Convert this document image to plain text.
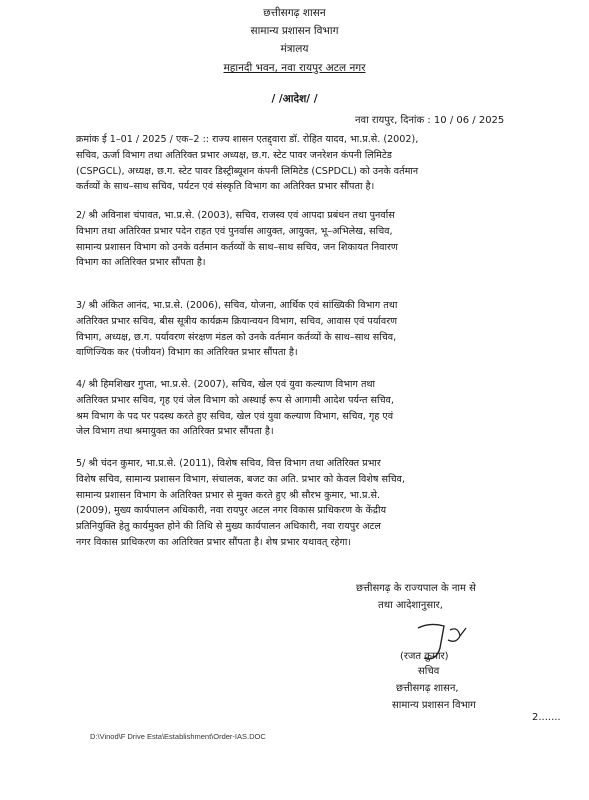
छत्तीसगढ़ शासन
सामान्य प्रशासन विभाग
मंत्रालय
महानदी भवन, नवा रायपुर अटल नगर
/ /आदेश/ /
नवा रायपुर, दिनांक : 10 / 06 / 2025
क्रमांक ई 1–01 / 2025 / एक–2 :: राज्य शासन एतद्द्वारा डॉ. रोहित यादव, भा.प्र.से. (2002),
सचिव, ऊर्जा विभाग तथा अतिरिक्त प्रभार अध्यक्ष, छ.ग. स्टेट पावर जनरेशन कंपनी लिमिटेड
(CSPGCL), अध्यक्ष, छ.ग. स्टेट पावर डिस्ट्रीब्यूशन कंपनी लिमिटेड (CSPDCL) को उनके वर्तमान
कर्तव्यों के साथ–साथ सचिव, पर्यटन एवं संस्कृति विभाग का अतिरिक्त प्रभार सौंपता है।
2/ श्री अविनाश चंपावत, भा.प्र.से. (2003), सचिव, राजस्व एवं आपदा प्रबंधन तथा पुनर्वास
विभाग तथा अतिरिक्त प्रभार पदेन राहत एवं पुनर्वास आयुक्त, आयुक्त, भू–अभिलेख, सचिव,
सामान्य प्रशासन विभाग को उनके वर्तमान कर्तव्यों के साथ–साथ सचिव, जन शिकायत निवारण
विभाग का अतिरिक्त प्रभार सौंपता है।
3/ श्री अंकित आनंद, भा.प्र.से. (2006), सचिव, योजना, आर्थिक एवं सांख्यिकी विभाग तथा
अतिरिक्त प्रभार सचिव, बीस सूत्रीय कार्यक्रम क्रियान्वयन विभाग, सचिव, आवास एवं पर्यावरण
विभाग, अध्यक्ष, छ.ग. पर्यावरण संरक्षण मंडल को उनके वर्तमान कर्तव्यों के साथ–साथ सचिव,
वाणिज्यिक कर (पंजीयन) विभाग का अतिरिक्त प्रभार सौंपता है।
4/ श्री हिमशिखर गुप्ता, भा.प्र.से. (2007), सचिव, खेल एवं युवा कल्याण विभाग तथा
अतिरिक्त प्रभार सचिव, गृह एवं जेल विभाग को अस्थाई रूप से आगामी आदेश पर्यन्त सचिव,
श्रम विभाग के पद पर पदस्थ करते हुए सचिव, खेल एवं युवा कल्याण विभाग, सचिव, गृह एवं
जेल विभाग तथा श्रमायुक्त का अतिरिक्त प्रभार सौंपता है।
5/ श्री चंदन कुमार, भा.प्र.से. (2011), विशेष सचिव, वित्त विभाग तथा अतिरिक्त प्रभार
विशेष सचिव, सामान्य प्रशासन विभाग, संचालक, बजट का अति. प्रभार को केवल विशेष सचिव,
सामान्य प्रशासन विभाग के अतिरिक्त प्रभार से मुक्त करते हुए श्री सौरभ कुमार, भा.प्र.से.
(2009), मुख्य कार्यपालन अधिकारी, नवा रायपुर अटल नगर विकास प्राधिकरण के केंद्रीय
प्रतिनियुक्ति हेतु कार्यमुक्त होने की तिथि से मुख्य कार्यपालन अधिकारी, नवा रायपुर अटल
नगर विकास प्राधिकरण का अतिरिक्त प्रभार सौंपता है। शेष प्रभार यथावत् रहेगा।
छत्तीसगढ़ के राज्यपाल के नाम से
तथा आदेशानुसार,
(रजत कुमार)
सचिव
छत्तीसगढ़ शासन,
सामान्य प्रशासन विभाग
2.......
D:\Vinod\F Drive Esta\Establishment\Order-IAS.DOC
